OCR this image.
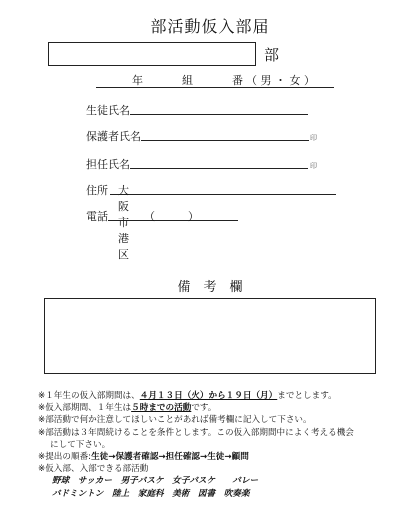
部活動仮入部届
部
年	組	番 （ 男 ・ 女 ）
生徒氏名
保護者氏名	印
担任氏名	印
住所 大阪市港区
電話	（　　　）
備　考　欄
※１年生の仮入部期間は、４月１３日（火）から１９日（月）までとします。
※仮入部期間、１年生は５時までの活動です。
※部活動で何か注意してほしいことがあれば備考欄に記入して下さい。
※部活動は３年間続けることを条件とします。この仮入部期間中によく考える機会
にして下さい。
※提出の順番:生徒→保護者確認→担任確認→生徒→顧問
※仮入部、入部できる部活動
野球　サッカー　男子バスケ　女子バスケ　　バレー
バドミントン　陸上　家庭科　美術　図書　吹奏楽
